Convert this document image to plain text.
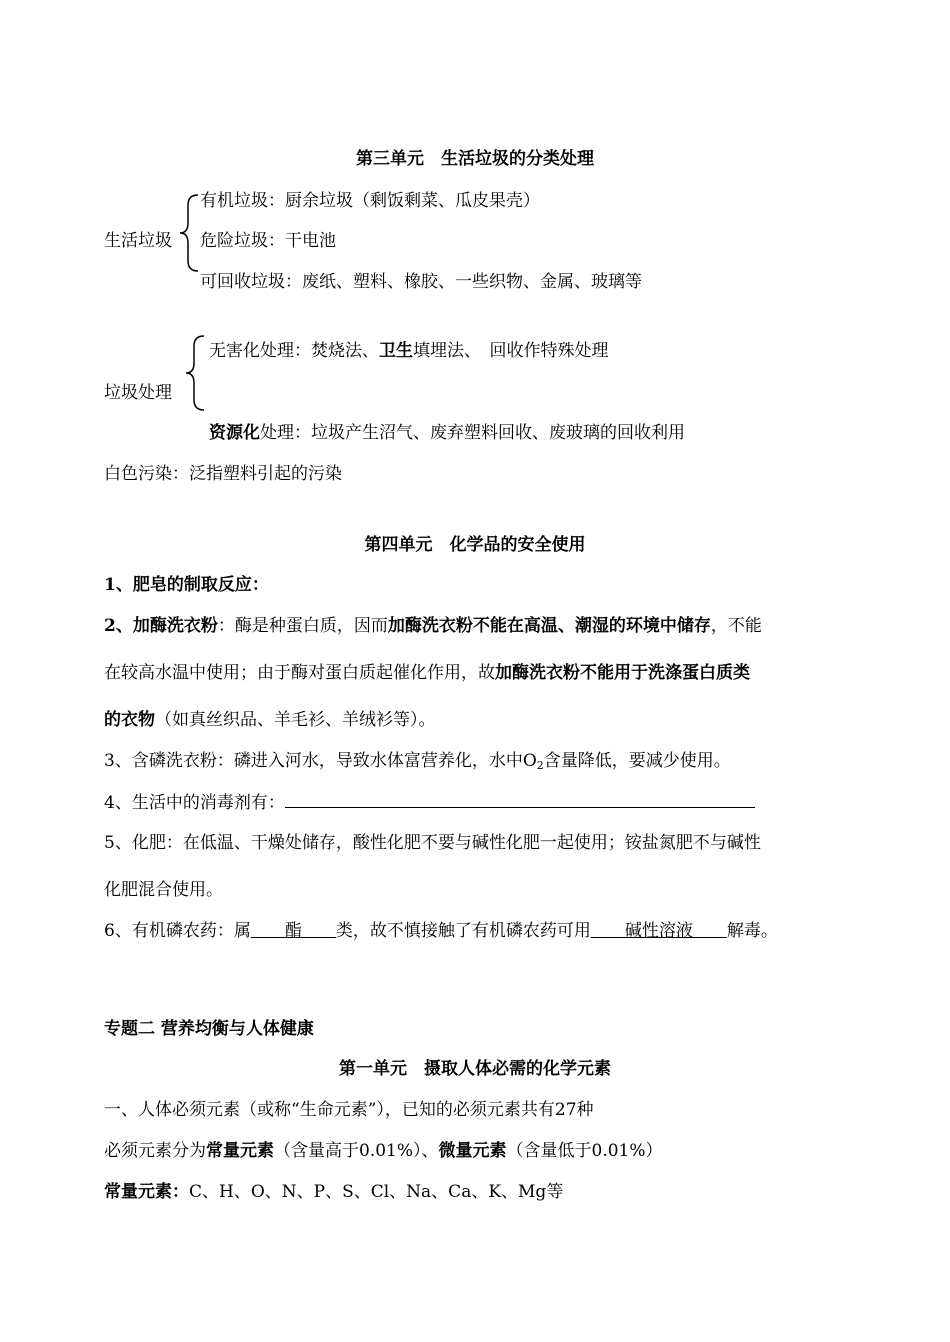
第三单元　生活垃圾的分类处理
生活垃圾
有机垃圾：厨余垃圾（剩饭剩菜、瓜皮果壳）
危险垃圾：干电池
可回收垃圾：废纸、塑料、橡胶、一些织物、金属、玻璃等
垃圾处理
无害化处理：焚烧法、卫生填埋法、　回收作特殊处理
资源化处理：垃圾产生沼气、废弃塑料回收、废玻璃的回收利用
白色污染：泛指塑料引起的污染
第四单元　化学品的安全使用
1、肥皂的制取反应：
2、加酶洗衣粉：酶是种蛋白质，因而加酶洗衣粉不能在高温、潮湿的环境中储存，不能
在较高水温中使用；由于酶对蛋白质起催化作用，故加酶洗衣粉不能用于洗涤蛋白质类
的衣物（如真丝织品、羊毛衫、羊绒衫等）。
3、含磷洗衣粉：磷进入河水，导致水体富营养化，水中$O_2$含量降低，要减少使用。
4、生活中的消毒剂有：
5、化肥：在低温、干燥处储存，酸性化肥不要与碱性化肥一起使用；铵盐氮肥不与碱性
化肥混合使用。
6、有机磷农药：属　　酯　　类，故不慎接触了有机磷农药可用　　碱性溶液　　解毒。
专题二 营养均衡与人体健康
第一单元　摄取人体必需的化学元素
一、人体必须元素（或称“生命元素”），已知的必须元素共有27种
必须元素分为常量元素（含量高于0.01%）、微量元素（含量低于0.01%）
常量元素：C、H、O、N、P、S、Cl、Na、Ca、K、Mg等
